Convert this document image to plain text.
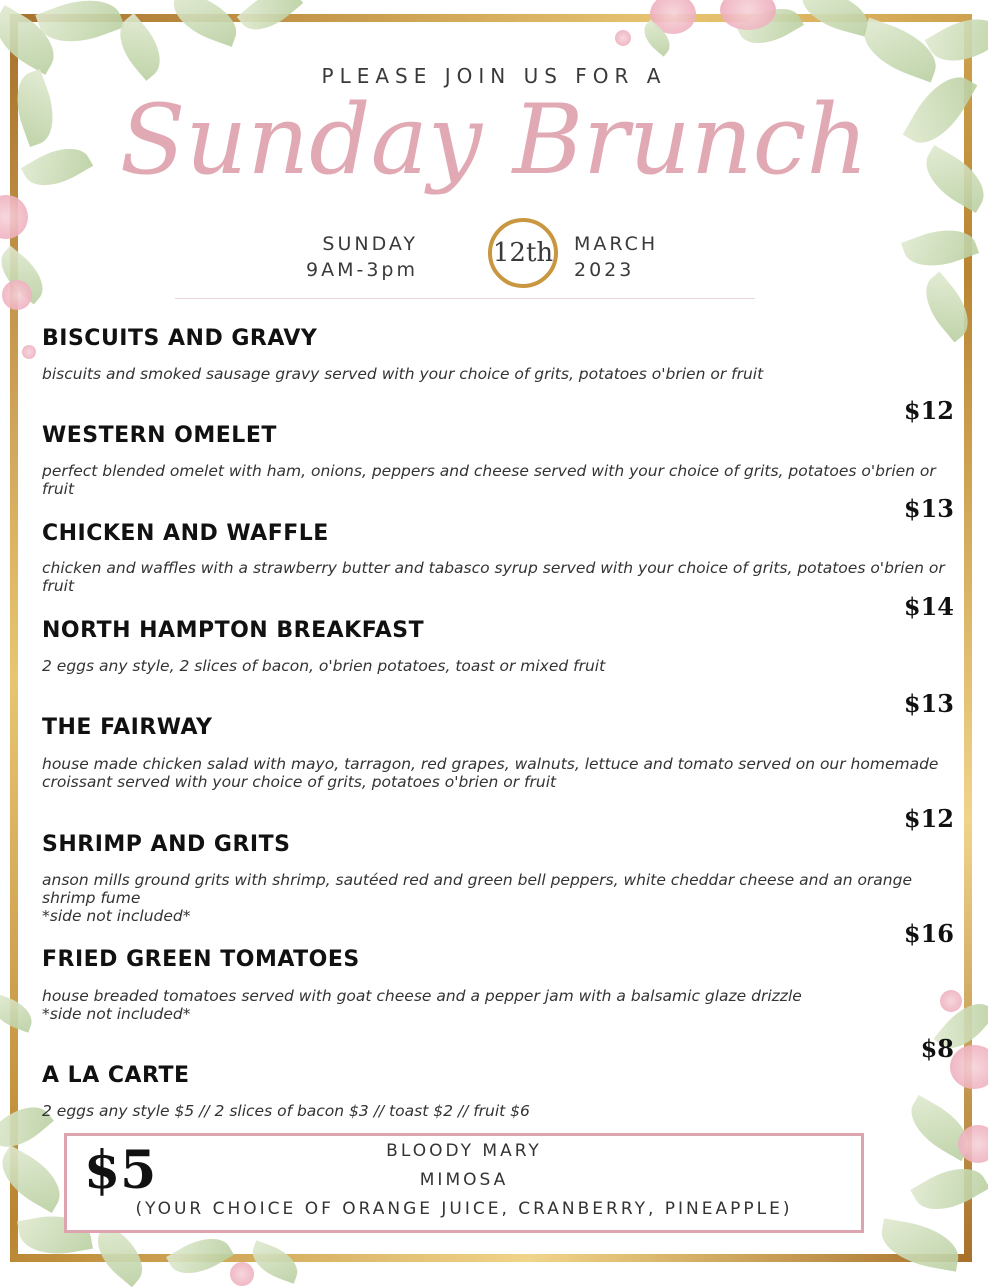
PLEASE JOIN US FOR A
Sunday Brunch
SUNDAY
9AM-3pm
12th MARCH
2023
BISCUITS AND GRAVY
biscuits and smoked sausage gravy served with your choice of grits, potatoes o'brien or fruit
$12
WESTERN OMELET
perfect blended omelet with ham, onions, peppers and cheese served with your choice of grits, potatoes o'brien or fruit
$13
CHICKEN AND WAFFLE
chicken and waffles with a strawberry butter and tabasco syrup served with your choice of grits, potatoes o'brien or fruit
$14
NORTH HAMPTON BREAKFAST
2 eggs any style, 2 slices of bacon, o'brien potatoes, toast or mixed fruit
$13
THE FAIRWAY
house made chicken salad with mayo, tarragon, red grapes, walnuts, lettuce and tomato served on our homemade croissant served with your choice of grits, potatoes o'brien or fruit
$12
SHRIMP AND GRITS
anson mills ground grits with shrimp, sautéed red and green bell peppers, white cheddar cheese and an orange shrimp fume
*side not included*
$16
FRIED GREEN TOMATOES
house breaded tomatoes served with goat cheese and a pepper jam with a balsamic glaze drizzle
*side not included*
$8
A LA CARTE
2 eggs any style $5 // 2 slices of bacon $3 // toast $2 // fruit $6
$5	BLOODY MARY
MIMOSA
(YOUR CHOICE OF ORANGE JUICE, CRANBERRY, PINEAPPLE)
